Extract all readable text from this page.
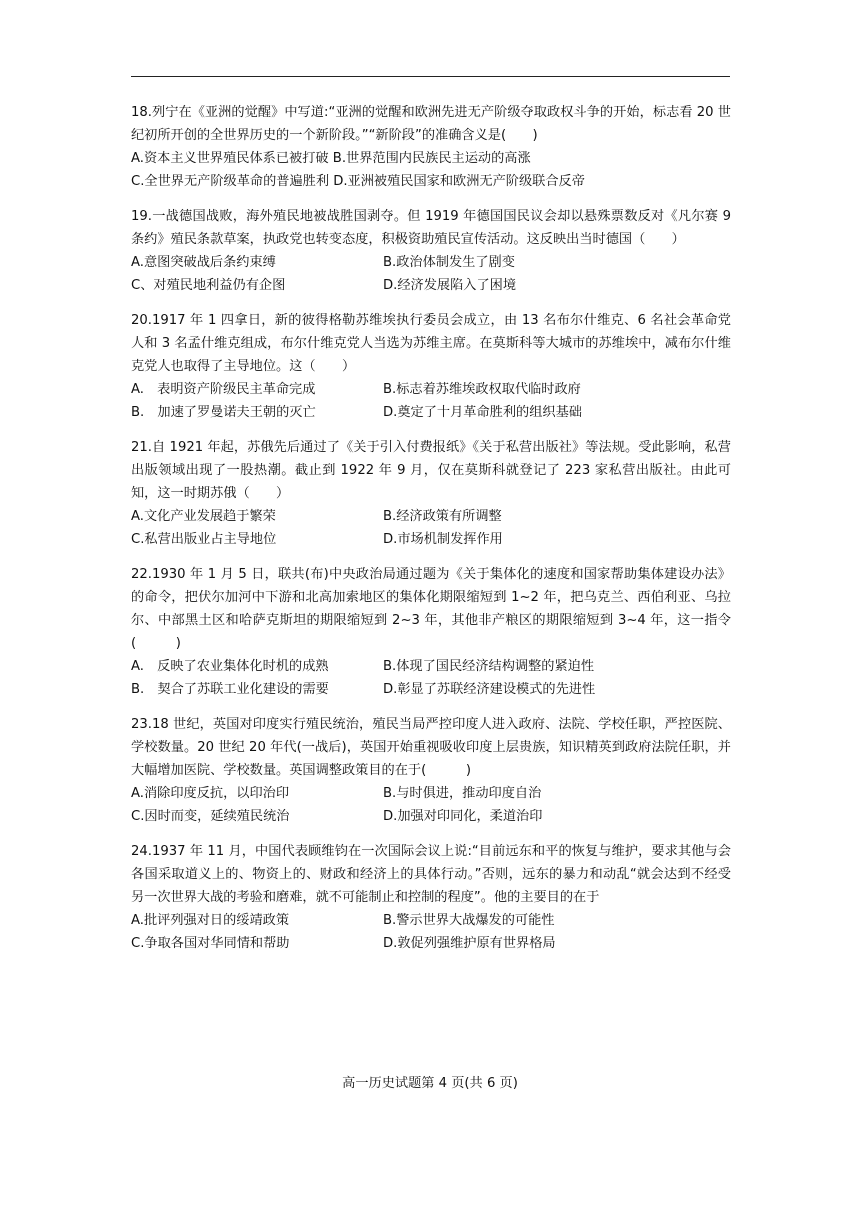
18.列宁在《亚洲的觉醒》中写道:“亚洲的觉醒和欧洲先进无产阶级夺取政权斗争的开始，标志看 20 世纪初所开创的全世界历史的一个新阶段。”“新阶段”的准确含义是(　　)
A.资本主义世界殖民体系已被打破 B.世界范围内民族民主运动的高涨
C.全世界无产阶级革命的普遍胜利 D.亚洲被殖民国家和欧洲无产阶级联合反帝
19.一战德国战败，海外殖民地被战胜国剥夺。但 1919 年德国国民议会却以悬殊票数反对《凡尔赛 9 条约》殖民条款草案，执政党也转变态度，积极资助殖民宣传活动。这反映出当时德国（　　）
A.意图突破战后条约束缚	B.政治体制发生了剧变
C、对殖民地利益仍有企图	D.经济发展陷入了困境
20.1917 年 1 四拿日，新的彼得格勒苏维埃执行委员会成立，由 13 名布尔什维克、6 名社会革命党人和 3 名孟什维克组成，布尔什维克党人当选为苏维主席。在莫斯科等大城市的苏维埃中，减布尔什维克党人也取得了主导地位。这（　　）
A.　表明资产阶级民主革命完成	B.标志着苏维埃政权取代临时政府
B.　加速了罗曼诺夫王朝的灭亡	D.奠定了十月革命胜利的组织基础
21.自 1921 年起，苏俄先后通过了《关于引入付费报纸》《关于私营出版社》等法规。受此影响，私营出版领域出现了一股热潮。截止到 1922 年 9 月，仅在莫斯科就登记了 223 家私营出版社。由此可知，这一时期苏俄（　　）
A.文化产业发展趋于繁荣	B.经济政策有所调整
C.私营出版业占主导地位	D.市场机制发挥作用
22.1930 年 1 月 5 日，联共(布)中央政治局通过题为《关于集体化的速度和国家帮助集体建设办法》的命令，把伏尔加河中下游和北高加索地区的集体化期限缩短到 1~2 年，把乌克兰、西伯利亚、乌拉尔、中部黑土区和哈萨克斯坦的期限缩短到 2~3 年，其他非产粮区的期限缩短到 3~4 年，这一指令(　　　)
A.　反映了农业集体化时机的成熟	B.体现了国民经济结构调整的紧迫性
B.　契合了苏联工业化建设的需要	D.彰显了苏联经济建设模式的先进性
23.18 世纪，英国对印度实行殖民统治，殖民当局严控印度人进入政府、法院、学校任职，严控医院、学校数量。20 世纪 20 年代(一战后)，英国开始重视吸收印度上层贵族，知识精英到政府法院任职，并大幅增加医院、学校数量。英国调整政策目的在于(　　　)
A.消除印度反抗，以印治印	B.与时俱进，推动印度自治
C.因时而变，延续殖民统治	D.加强对印同化，柔道治印
24.1937 年 11 月，中国代表顾维钧在一次国际会议上说:“目前远东和平的恢复与维护，要求其他与会各国采取道义上的、物资上的、财政和经济上的具体行动。”否则，远东的暴力和动乱“就会达到不经受另一次世界大战的考验和磨难，就不可能制止和控制的程度”。他的主要目的在于
A.批评列强对日的绥靖政策	B.警示世界大战爆发的可能性
C.争取各国对华同情和帮助	D.敦促列强维护原有世界格局
高一历史试题第 4 页(共 6 页)
